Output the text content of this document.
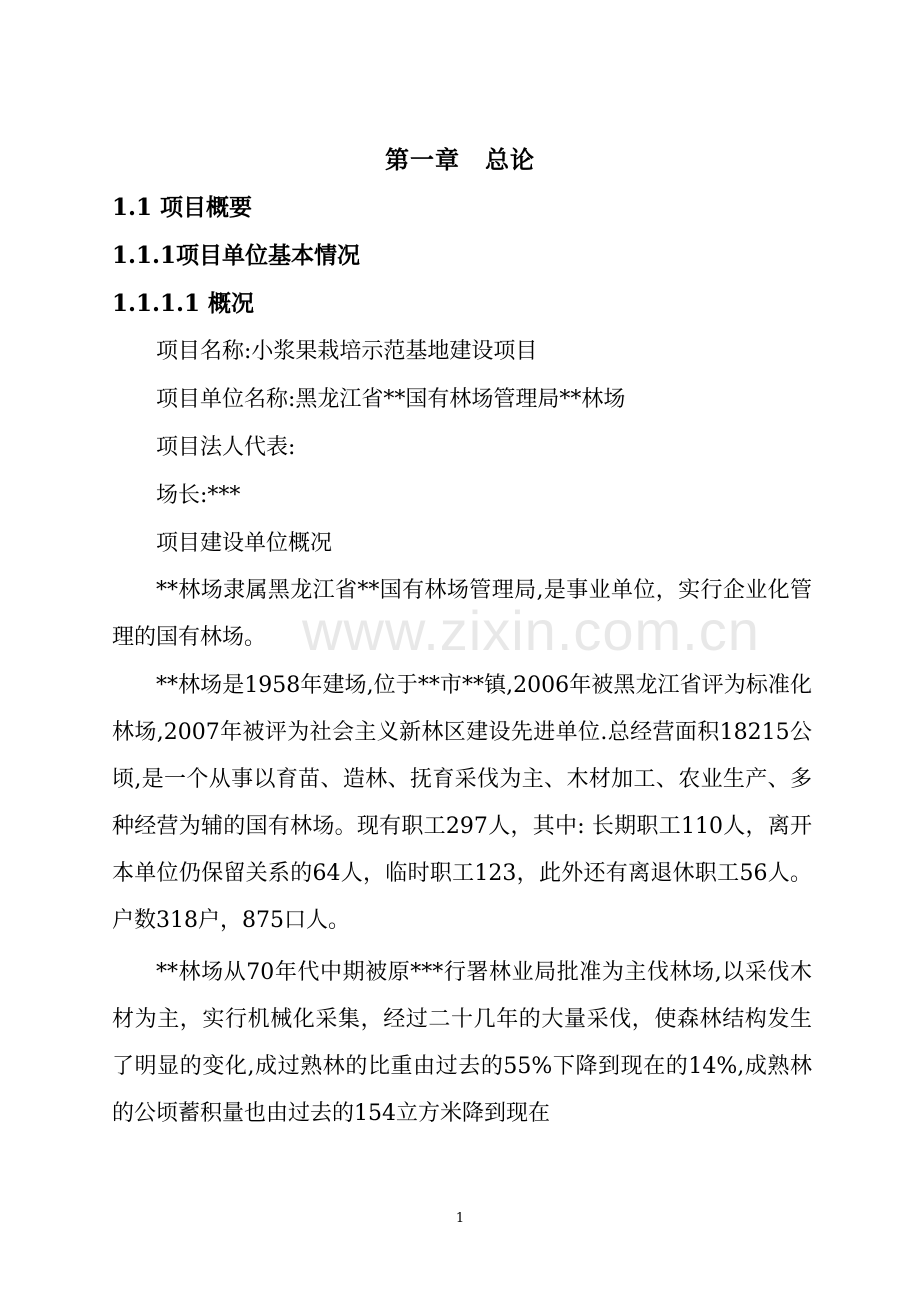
第一章　总论
1.1 项目概要
1.1.1项目单位基本情况
1.1.1.1 概况
项目名称:小浆果栽培示范基地建设项目
项目单位名称:黑龙江省**国有林场管理局**林场
项目法人代表:
场长:***
项目建设单位概况
**林场隶属黑龙江省**国有林场管理局,是事业单位，实行企业化管理的国有林场。
**林场是1958年建场,位于**市**镇,2006年被黑龙江省评为标准化林场,2007年被评为社会主义新林区建设先进单位.总经营面积18215公顷,是一个从事以育苗、造林、抚育采伐为主、木材加工、农业生产、多种经营为辅的国有林场。现有职工297人，其中: 长期职工110人，离开本单位仍保留关系的64人，临时职工123，此外还有离退休职工56人。户数318户，875口人。
**林场从70年代中期被原***行署林业局批准为主伐林场,以采伐木材为主，实行机械化采集，经过二十几年的大量采伐，使森林结构发生了明显的变化,成过熟林的比重由过去的55%下降到现在的14%,成熟林的公顷蓄积量也由过去的154立方米降到现在
www.zixin.com.cn
1
